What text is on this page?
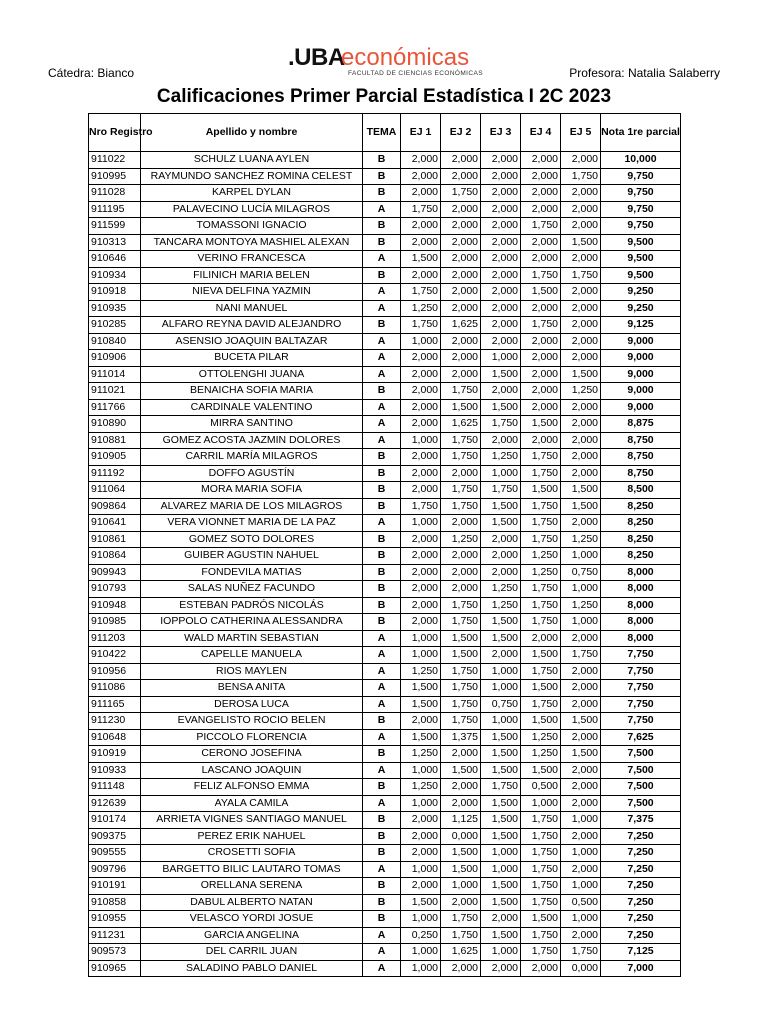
Cátedra: Bianco	Profesora: Natalia Salaberry
.UBA
económicas
FACULTAD DE CIENCIAS ECONÓMICAS
Calificaciones Primer Parcial Estadística I 2C 2023
Nro Registro	Apellido y nombre	TEMA	EJ 1	EJ 2	EJ 3	EJ 4	EJ 5	Nota 1re parcial
911022	SCHULZ LUANA AYLEN	B	2,000	2,000	2,000	2,000	2,000	10,000
910995	RAYMUNDO SANCHEZ ROMINA CELEST	B	2,000	2,000	2,000	2,000	1,750	9,750
911028	KARPEL DYLAN	B	2,000	1,750	2,000	2,000	2,000	9,750
911195	PALAVECINO LUCÍA MILAGROS	A	1,750	2,000	2,000	2,000	2,000	9,750
911599	TOMASSONI IGNACIO	B	2,000	2,000	2,000	1,750	2,000	9,750
910313	TANCARA MONTOYA MASHIEL ALEXAN	B	2,000	2,000	2,000	2,000	1,500	9,500
910646	VERINO FRANCESCA	A	1,500	2,000	2,000	2,000	2,000	9,500
910934	FILINICH MARIA BELEN	B	2,000	2,000	2,000	1,750	1,750	9,500
910918	NIEVA DELFINA YAZMIN	A	1,750	2,000	2,000	1,500	2,000	9,250
910935	NANI MANUEL	A	1,250	2,000	2,000	2,000	2,000	9,250
910285	ALFARO REYNA DAVID ALEJANDRO	B	1,750	1,625	2,000	1,750	2,000	9,125
910840	ASENSIO JOAQUIN BALTAZAR	A	1,000	2,000	2,000	2,000	2,000	9,000
910906	BUCETA PILAR	A	2,000	2,000	1,000	2,000	2,000	9,000
911014	OTTOLENGHI JUANA	A	2,000	2,000	1,500	2,000	1,500	9,000
911021	BENAICHA SOFIA MARIA	B	2,000	1,750	2,000	2,000	1,250	9,000
911766	CARDINALE VALENTINO	A	2,000	1,500	1,500	2,000	2,000	9,000
910890	MIRRA SANTINO	A	2,000	1,625	1,750	1,500	2,000	8,875
910881	GOMEZ ACOSTA JAZMIN DOLORES	A	1,000	1,750	2,000	2,000	2,000	8,750
910905	CARRIL MARÍA MILAGROS	B	2,000	1,750	1,250	1,750	2,000	8,750
911192	DOFFO AGUSTÍN	B	2,000	2,000	1,000	1,750	2,000	8,750
911064	MORA MARIA SOFIA	B	2,000	1,750	1,750	1,500	1,500	8,500
909864	ALVAREZ MARIA DE LOS MILAGROS	B	1,750	1,750	1,500	1,750	1,500	8,250
910641	VERA VIONNET MARIA DE LA PAZ	A	1,000	2,000	1,500	1,750	2,000	8,250
910861	GOMEZ SOTO DOLORES	B	2,000	1,250	2,000	1,750	1,250	8,250
910864	GUIBER AGUSTIN NAHUEL	B	2,000	2,000	2,000	1,250	1,000	8,250
909943	FONDEVILA MATIAS	B	2,000	2,000	2,000	1,250	0,750	8,000
910793	SALAS NUÑEZ FACUNDO	B	2,000	2,000	1,250	1,750	1,000	8,000
910948	ESTEBAN PADRÓS NICOLÁS	B	2,000	1,750	1,250	1,750	1,250	8,000
910985	IOPPOLO CATHERINA ALESSANDRA	B	2,000	1,750	1,500	1,750	1,000	8,000
911203	WALD MARTIN SEBASTIAN	A	1,000	1,500	1,500	2,000	2,000	8,000
910422	CAPELLE MANUELA	A	1,000	1,500	2,000	1,500	1,750	7,750
910956	RIOS MAYLEN	A	1,250	1,750	1,000	1,750	2,000	7,750
911086	BENSA ANITA	A	1,500	1,750	1,000	1,500	2,000	7,750
911165	DEROSA LUCA	A	1,500	1,750	0,750	1,750	2,000	7,750
911230	EVANGELISTO ROCIO BELEN	B	2,000	1,750	1,000	1,500	1,500	7,750
910648	PICCOLO FLORENCIA	A	1,500	1,375	1,500	1,250	2,000	7,625
910919	CERONO JOSEFINA	B	1,250	2,000	1,500	1,250	1,500	7,500
910933	LASCANO JOAQUIN	A	1,000	1,500	1,500	1,500	2,000	7,500
911148	FELIZ ALFONSO EMMA	B	1,250	2,000	1,750	0,500	2,000	7,500
912639	AYALA CAMILA	A	1,000	2,000	1,500	1,000	2,000	7,500
910174	ARRIETA VIGNES SANTIAGO MANUEL	B	2,000	1,125	1,500	1,750	1,000	7,375
909375	PEREZ ERIK NAHUEL	B	2,000	0,000	1,500	1,750	2,000	7,250
909555	CROSETTI SOFIA	B	2,000	1,500	1,000	1,750	1,000	7,250
909796	BARGETTO BILIC LAUTARO TOMAS	A	1,000	1,500	1,000	1,750	2,000	7,250
910191	ORELLANA SERENA	B	2,000	1,000	1,500	1,750	1,000	7,250
910858	DABUL ALBERTO NATAN	B	1,500	2,000	1,500	1,750	0,500	7,250
910955	VELASCO YORDI JOSUE	B	1,000	1,750	2,000	1,500	1,000	7,250
911231	GARCIA ANGELINA	A	0,250	1,750	1,500	1,750	2,000	7,250
909573	DEL CARRIL JUAN	A	1,000	1,625	1,000	1,750	1,750	7,125
910965	SALADINO PABLO DANIEL	A	1,000	2,000	2,000	2,000	0,000	7,000
